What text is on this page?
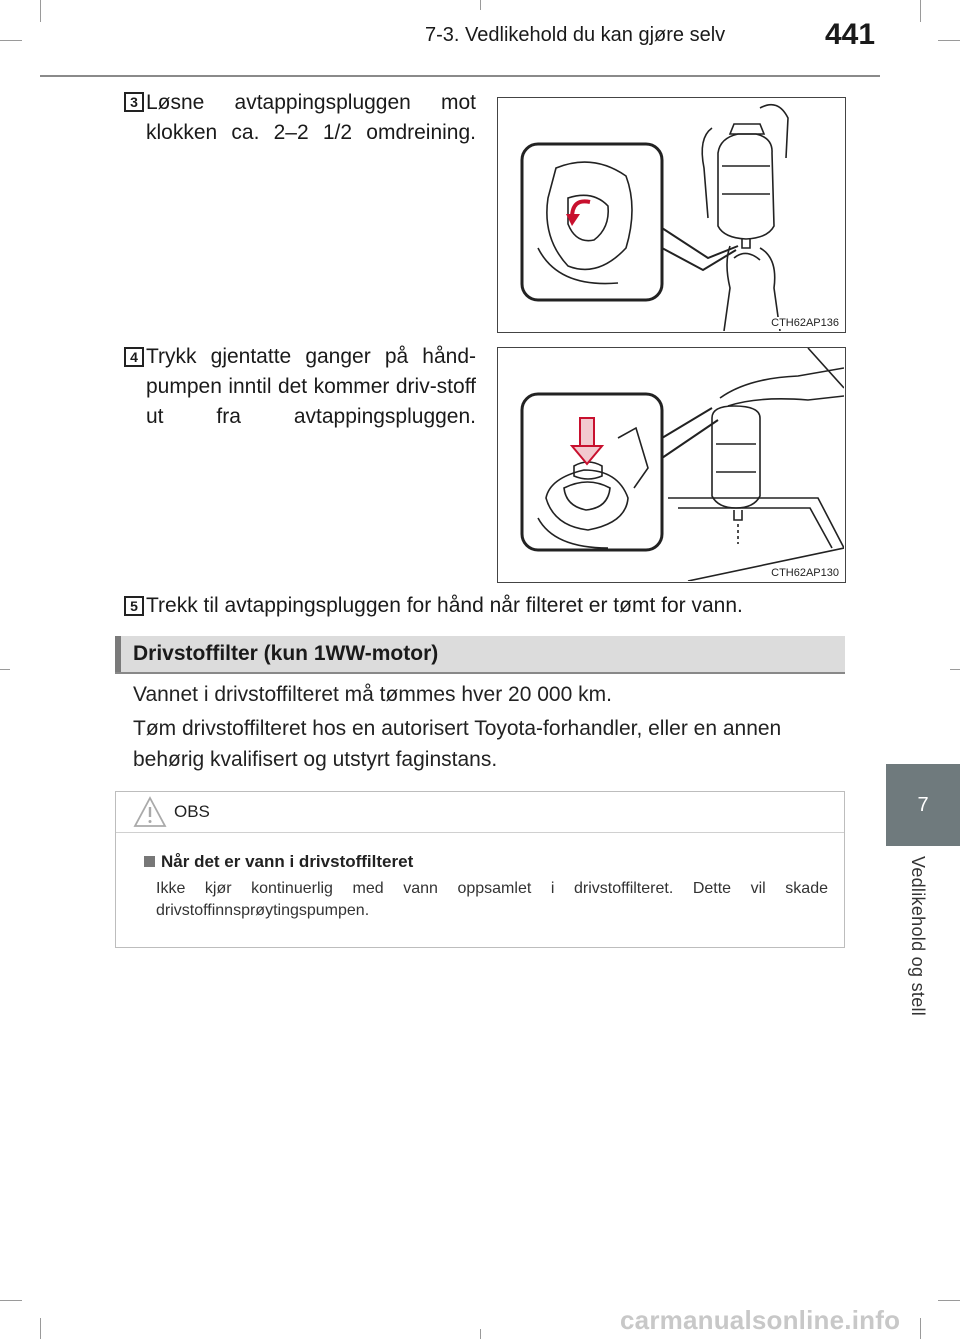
7-3. Vedlikehold du kan gjøre selv	441
7
Vedlikehold og stell
3 Løsne avtappingspluggen mot klokken ca. 2–2 1/2 omdreining.
CTH62AP136
4 Trykk gjentatte ganger på hånd-pumpen inntil det kommer driv-stoff ut fra avtappingspluggen.
CTH62AP130
5 Trekk til avtappingspluggen for hånd når filteret er tømt for vann.
Drivstoffilter (kun 1WW-motor)
Vannet i drivstoffilteret må tømmes hver 20 000 km.
Tøm drivstoffilteret hos en autorisert Toyota-forhandler, eller en annen behørig kvalifisert og utstyrt faginstans.
OBS
Når det er vann i drivstoffilteret
Ikke kjør kontinuerlig med vann oppsamlet i drivstoffilteret. Dette vil skade drivstoffinnsprøytingspumpen.
carmanualsonline.info
